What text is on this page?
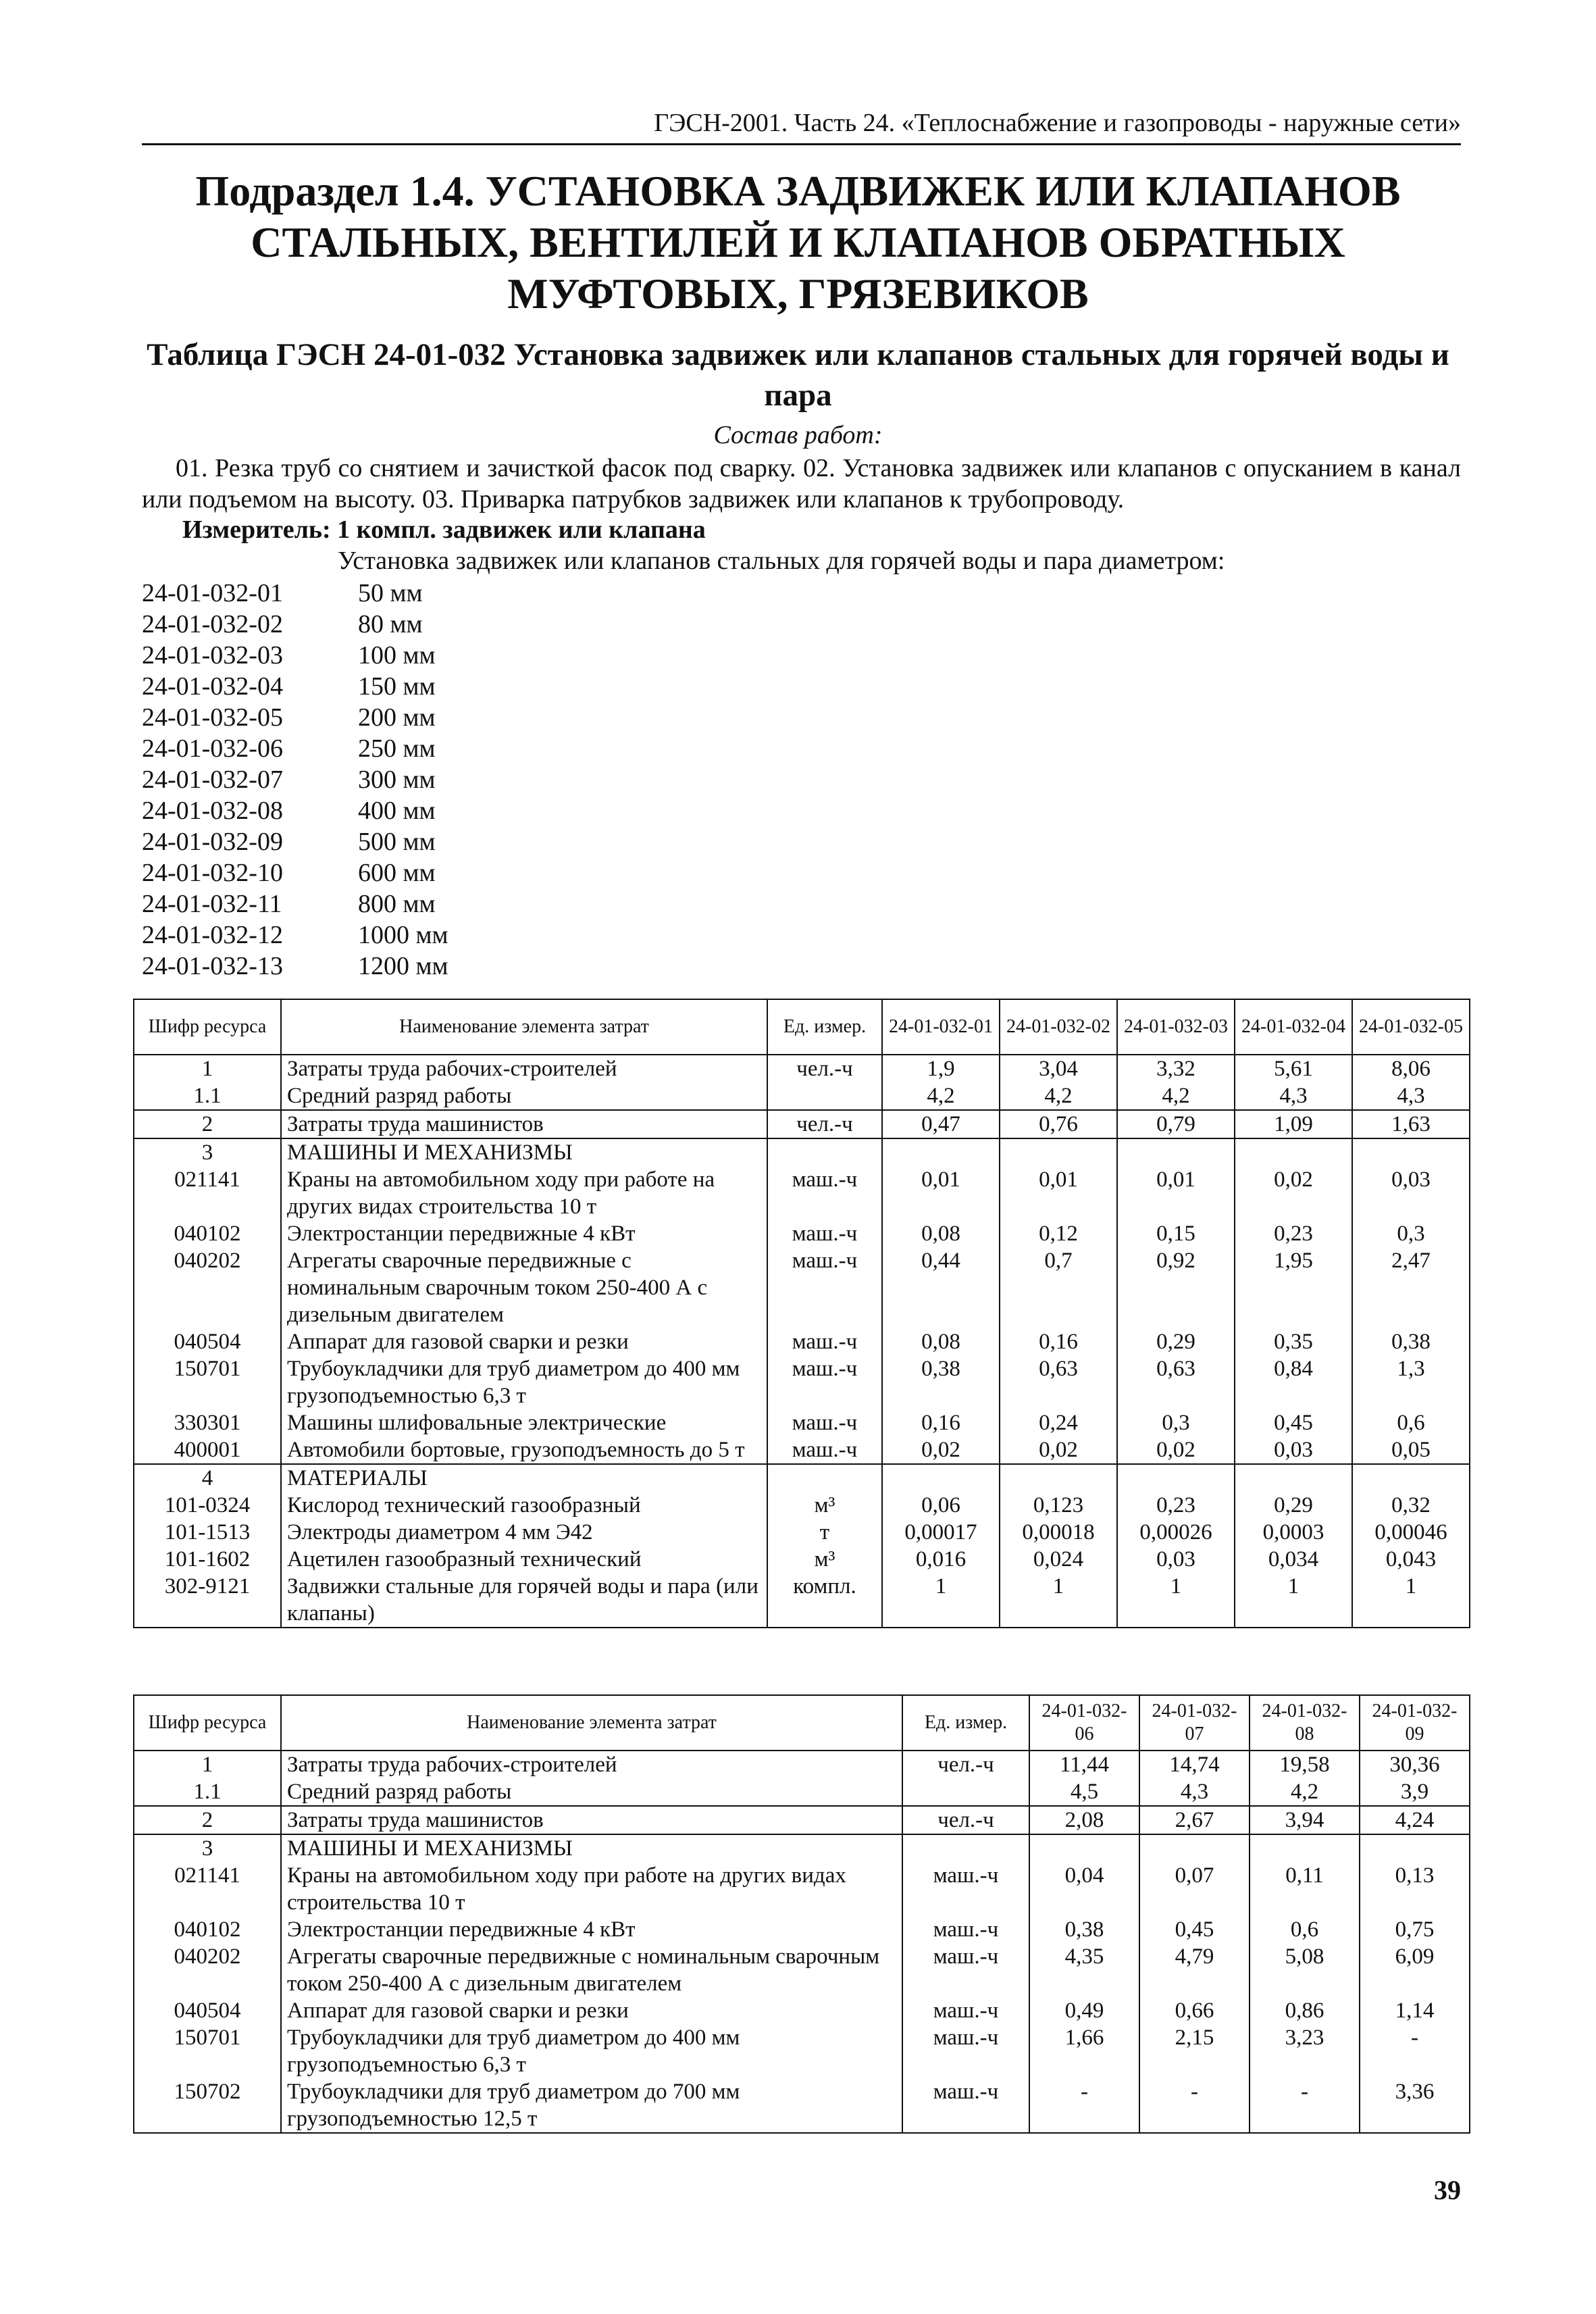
ГЭСН-2001. Часть 24. «Теплоснабжение и газопроводы - наружные сети»
Подраздел 1.4. УСТАНОВКА ЗАДВИЖЕК ИЛИ КЛАПАНОВ СТАЛЬНЫХ, ВЕНТИЛЕЙ И КЛАПАНОВ ОБРАТНЫХ МУФТОВЫХ, ГРЯЗЕВИКОВ
Таблица ГЭСН 24-01-032 Установка задвижек или клапанов стальных для горячей воды и пара
Состав работ:
01. Резка труб со снятием и зачисткой фасок под сварку. 02. Установка задвижек или клапанов с опусканием в канал или подъемом на высоту. 03. Приварка патрубков задвижек или клапанов к трубопроводу.
Измеритель: 1 компл. задвижек или клапана
Установка задвижек или клапанов стальных для горячей воды и пара диаметром:
24-01-032-01	50 мм
24-01-032-02	80 мм
24-01-032-03	100 мм
24-01-032-04	150 мм
24-01-032-05	200 мм
24-01-032-06	250 мм
24-01-032-07	300 мм
24-01-032-08	400 мм
24-01-032-09	500 мм
24-01-032-10	600 мм
24-01-032-11	800 мм
24-01-032-12	1000 мм
24-01-032-13	1200 мм
Шифр ресурса	Наименование элемента затрат	Ед. измер.	24-01-032-01	24-01-032-02	24-01-032-03	24-01-032-04	24-01-032-05
1	Затраты труда рабочих-строителей	чел.-ч	1,9	3,04	3,32	5,61	8,06
1.1	Средний разряд работы		4,2	4,2	4,2	4,3	4,3
2	Затраты труда машинистов	чел.-ч	0,47	0,76	0,79	1,09	1,63
3	МАШИНЫ И МЕХАНИЗМЫ						
021141	Краны на автомобильном ходу при работе на других видах строительства 10 т	маш.-ч	0,01	0,01	0,01	0,02	0,03
040102	Электростанции передвижные 4 кВт	маш.-ч	0,08	0,12	0,15	0,23	0,3
040202	Агрегаты сварочные передвижные с номинальным сварочным током 250-400 А с дизельным двигателем	маш.-ч	0,44	0,7	0,92	1,95	2,47
040504	Аппарат для газовой сварки и резки	маш.-ч	0,08	0,16	0,29	0,35	0,38
150701	Трубоукладчики для труб диаметром до 400 мм грузоподъемностью 6,3 т	маш.-ч	0,38	0,63	0,63	0,84	1,3
330301	Машины шлифовальные электрические	маш.-ч	0,16	0,24	0,3	0,45	0,6
400001	Автомобили бортовые, грузоподъемность до 5 т	маш.-ч	0,02	0,02	0,02	0,03	0,05
4	МАТЕРИАЛЫ						
101-0324	Кислород технический газообразный	м³	0,06	0,123	0,23	0,29	0,32
101-1513	Электроды диаметром 4 мм Э42	т	0,00017	0,00018	0,00026	0,0003	0,00046
101-1602	Ацетилен газообразный технический	м³	0,016	0,024	0,03	0,034	0,043
302-9121	Задвижки стальные для горячей воды и пара (или клапаны)	компл.	1	1	1	1	1
Шифр ресурса	Наименование элемента затрат	Ед. измер.	24-01-032-06	24-01-032-07	24-01-032-08	24-01-032-09
1	Затраты труда рабочих-строителей	чел.-ч	11,44	14,74	19,58	30,36
1.1	Средний разряд работы		4,5	4,3	4,2	3,9
2	Затраты труда машинистов	чел.-ч	2,08	2,67	3,94	4,24
3	МАШИНЫ И МЕХАНИЗМЫ					
021141	Краны на автомобильном ходу при работе на других видах строительства 10 т	маш.-ч	0,04	0,07	0,11	0,13
040102	Электростанции передвижные 4 кВт	маш.-ч	0,38	0,45	0,6	0,75
040202	Агрегаты сварочные передвижные с номинальным сварочным током 250-400 А с дизельным двигателем	маш.-ч	4,35	4,79	5,08	6,09
040504	Аппарат для газовой сварки и резки	маш.-ч	0,49	0,66	0,86	1,14
150701	Трубоукладчики для труб диаметром до 400 мм грузоподъемностью 6,3 т	маш.-ч	1,66	2,15	3,23	-
150702	Трубоукладчики для труб диаметром до 700 мм грузоподъемностью 12,5 т	маш.-ч	-	-	-	3,36
39
